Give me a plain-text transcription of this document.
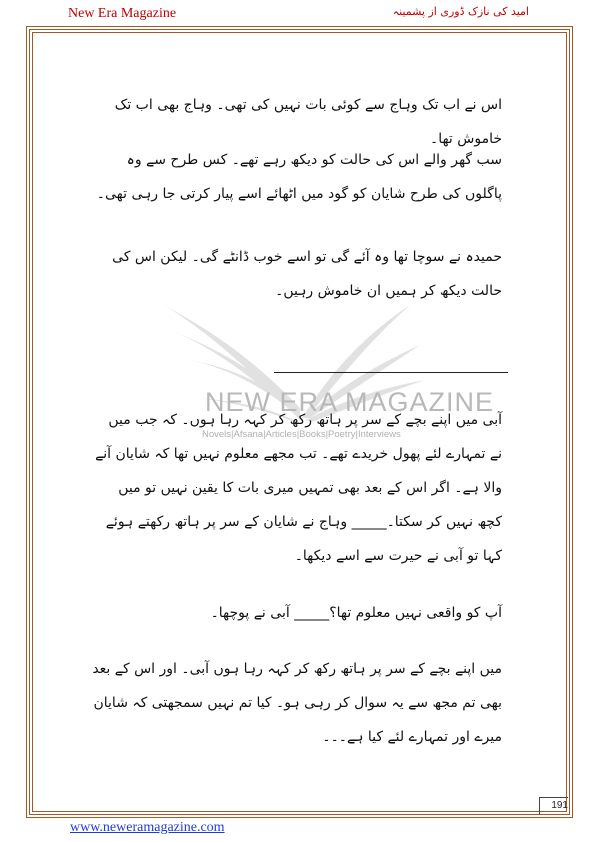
New Era Magazine	امید کی نازک ڈوری از پشمینہ
NEW ERA MAGAZINE
Novels|Afsana|Articles|Books|Poetry|Interviews

اس نے اب تک وہاج سے کوئی بات نہیں کی تھی۔ وہاج بھی اب تک خاموش تھا۔

سب گھر والے اس کی حالت کو دیکھ رہے تھے۔ کس طرح سے وہ پاگلوں کی طرح شایان کو گود میں اٹھائے اسے پیار کرتی جا رہی تھی۔

حمیدہ نے سوچا تھا وہ آئے گی تو اسے خوب ڈانٹے گی۔ لیکن اس کی حالت دیکھ کر ہمیں ان خاموش رہیں۔

آبی میں اپنے بچے کے سر پر ہاتھ رکھ کر کہہ رہا ہوں۔ کہ جب میں نے تمہارے لئے پھول خریدے تھے۔ تب مجھے معلوم نہیں تھا کہ شایان آنے والا ہے۔ اگر اس کے بعد بھی تمہیں میری بات کا یقین نہیں تو میں کچھ نہیں کر سکتا۔_____ وہاج نے شایان کے سر پر ہاتھ رکھتے ہوئے کہا تو آبی نے حیرت سے اسے دیکھا۔

آپ کو واقعی نہیں معلوم تھا؟_____ آبی نے پوچھا۔

میں اپنے بچے کے سر پر ہاتھ رکھ کر کہہ رہا ہوں آبی۔ اور اس کے بعد بھی تم مجھ سے یہ سوال کر رہی ہو۔ کیا تم نہیں سمجھتی کہ شایان میرے اور تمہارے لئے کیا ہے۔۔۔

191
www.neweramagazine.com
